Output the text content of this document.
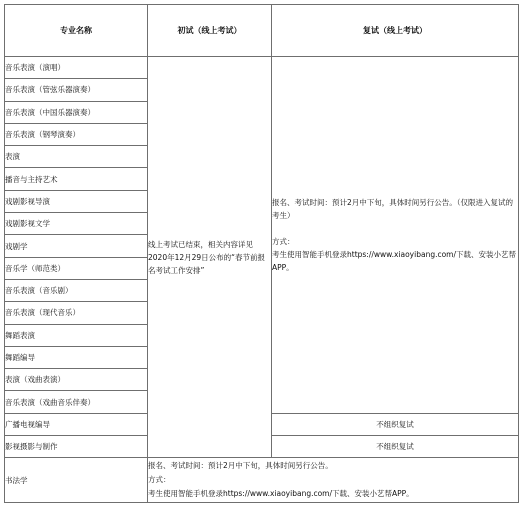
专业名称	初试（线上考试）	复试（线上考试）
音乐表演（演唱）	线上考试已结束，相关内容详见2020年12月29日公布的“春节前报名考试工作安排”	报名、考试时间：预计2月中下旬，具体时间另行公告。（仅限进入复试的考生）
方式：
考生使用智能手机登录https://www.xiaoyibang.com/下载、安装小艺帮APP。

音乐表演（管弦乐器演奏）		
音乐表演（中国乐器演奏）		
音乐表演（钢琴演奏）		
表演		
播音与主持艺术		
戏剧影视导演		
戏剧影视文学		
戏剧学		
音乐学（师范类）		
音乐表演（音乐剧）		
音乐表演（现代音乐）		
舞蹈表演		
舞蹈编导		
表演（戏曲表演）		
音乐表演（戏曲音乐伴奏）		
广播电视编导		不组织复试
影视摄影与制作		不组织复试
书法学	报名、考试时间：预计2月中下旬，具体时间另行公告。
方式：
考生使用智能手机登录https://www.xiaoyibang.com/下载、安装小艺帮APP。	
